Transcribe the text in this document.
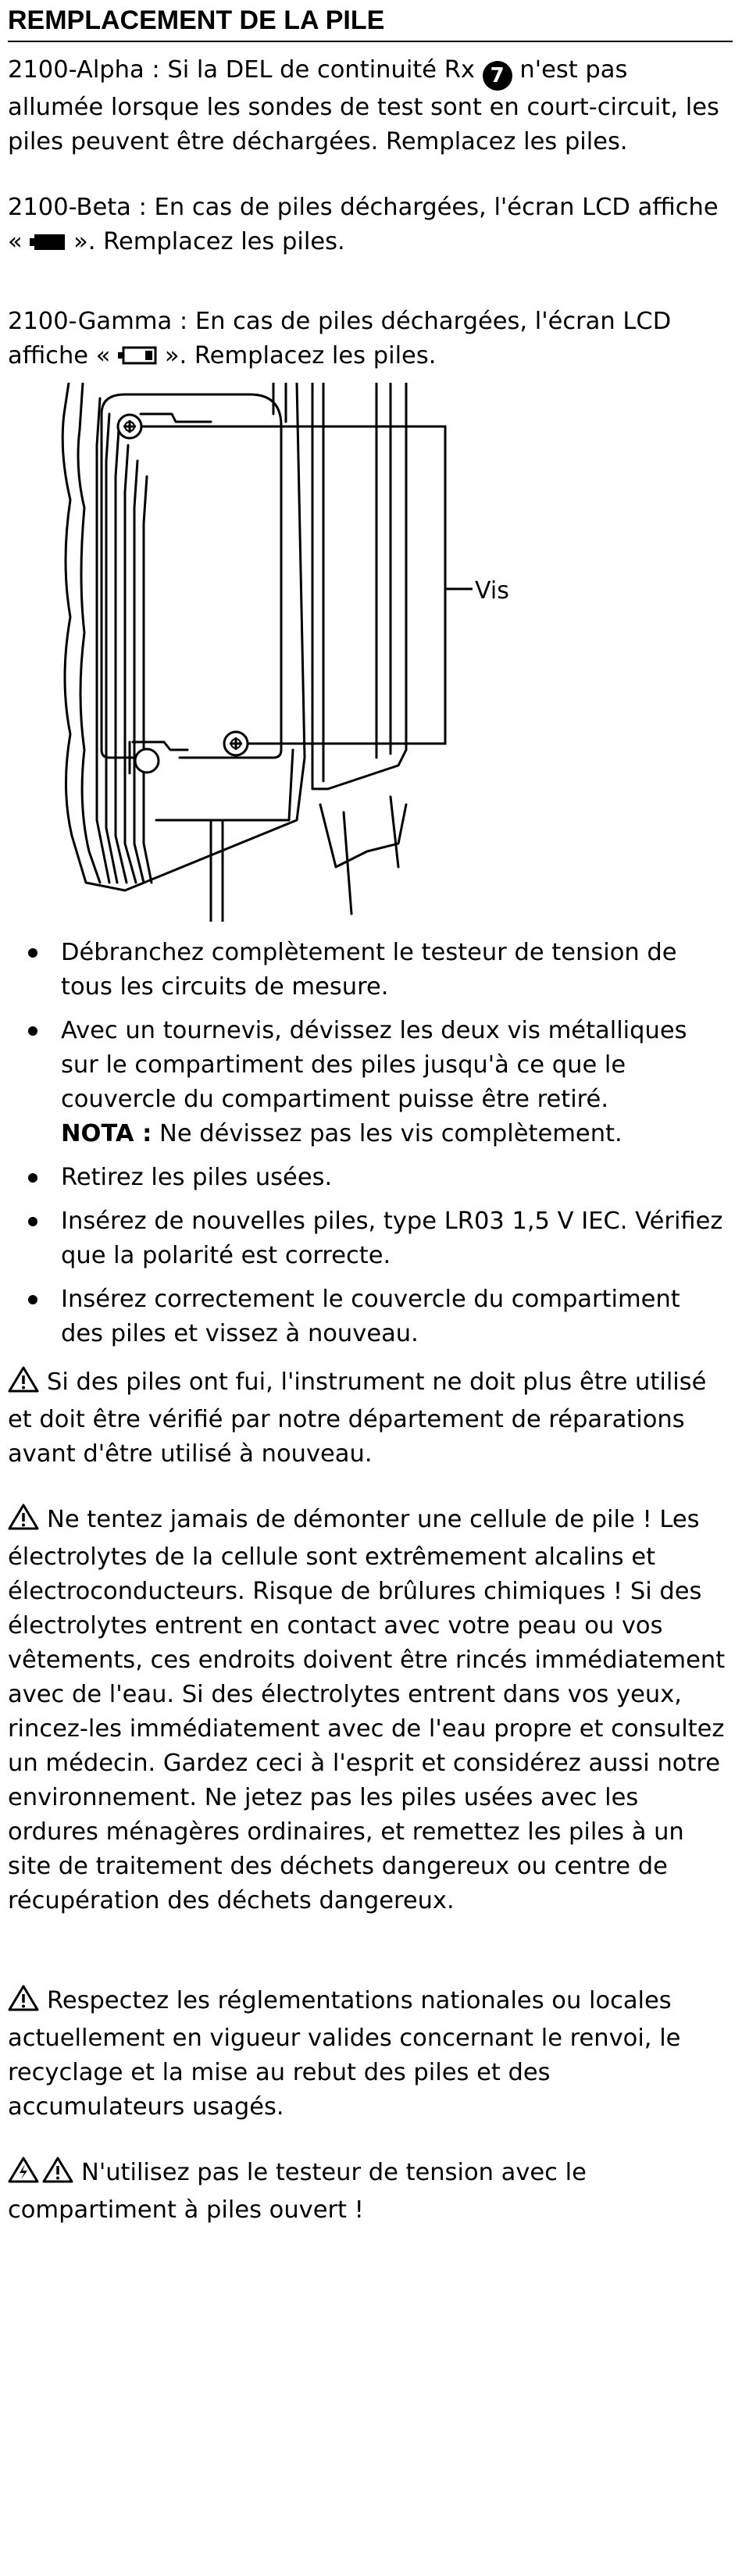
REMPLACEMENT DE LA PILE

2100-Alpha : Si la DEL de continuité Rx 7 n'est pas allumée lorsque les sondes de test sont en court-circuit, les piles peuvent être déchargées. Remplacez les piles.

2100-Beta : En cas de piles déchargées, l'écran LCD affiche « ». Remplacez les piles.

2100-Gamma : En cas de piles déchargées, l'écran LCD affiche « ». Remplacez les piles.

Vis
Débranchez complètement le testeur de tension de tous les circuits de mesure.
Avec un tournevis, dévissez les deux vis métalliques sur le compartiment des piles jusqu'à ce que le couvercle du compartiment puisse être retiré.
NOTA : Ne dévissez pas les vis complètement.
Retirez les piles usées.
Insérez de nouvelles piles, type LR03 1,5 V IEC. Vérifiez que la polarité est correcte.
Insérez correctement le couvercle du compartiment des piles et vissez à nouveau.

Si des piles ont fui, l'instrument ne doit plus être utilisé et doit être vérifié par notre département de réparations avant d'être utilisé à nouveau.

Ne tentez jamais de démonter une cellule de pile ! Les électrolytes de la cellule sont extrêmement alcalins et électroconducteurs. Risque de brûlures chimiques ! Si des électrolytes entrent en contact avec votre peau ou vos vêtements, ces endroits doivent être rincés immédiatement avec de l'eau. Si des électrolytes entrent dans vos yeux, rincez-les immédiatement avec de l'eau propre et consultez un médecin. Gardez ceci à l'esprit et considérez aussi notre environnement. Ne jetez pas les piles usées avec les ordures ménagères ordinaires, et remettez les piles à un site de traitement des déchets dangereux ou centre de récupération des déchets dangereux.

Respectez les réglementations nationales ou locales actuellement en vigueur valides concernant le renvoi, le recyclage et la mise au rebut des piles et des accumulateurs usagés.

N'utilisez pas le testeur de tension avec le compartiment à piles ouvert !
